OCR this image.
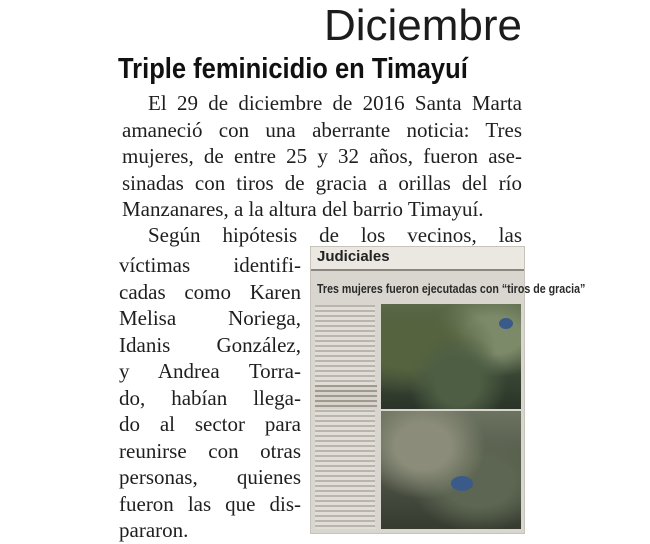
Diciembre
Triple feminicidio en Timayuí
El 29 de diciembre de 2016 Santa Marta
amaneció con una aberrante noticia: Tres
mujeres, de entre 25 y 32 años, fueron ase-
sinadas con tiros de gracia a orillas del río
Manzanares, a la altura del barrio Timayuí.
Según hipótesis de los vecinos, las
víctimas identifi-
cadas como Karen
Melisa Noriega,
Idanis González,
y Andrea Torra-
do, habían llega-
do al sector para
reunirse con otras
personas, quienes
fueron las que dis-
pararon.
Judiciales
Tres mujeres fueron ejecutadas con “tiros de gracia”
